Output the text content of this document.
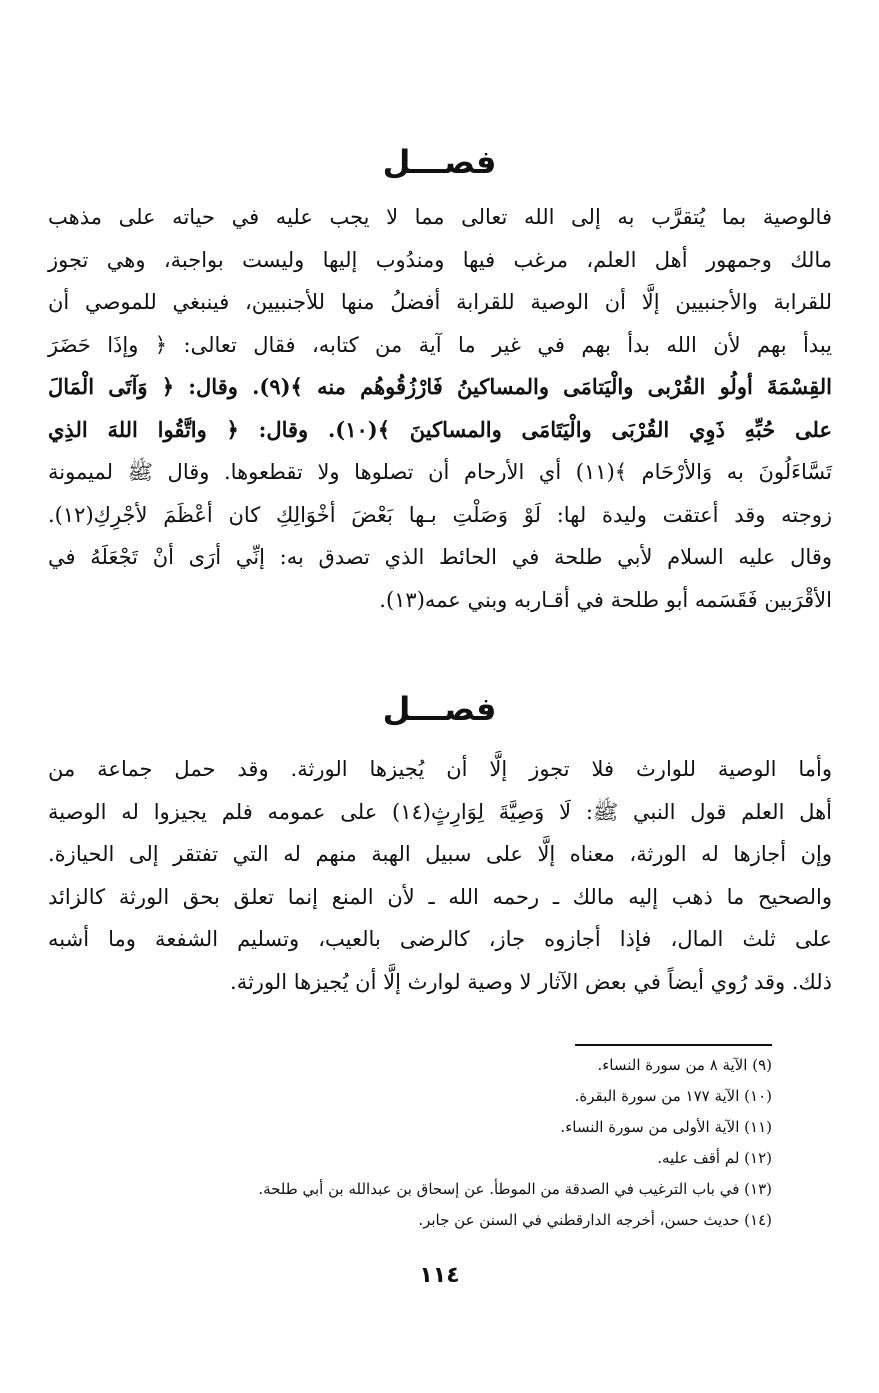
فصـــل
فالوصية بما يُتقرَّب به إلى الله تعالى مما لا يجب عليه في حياته على مذهب
مالك وجمهور أهل العلم، مرغب فيها ومندُوب إليها وليست بواجبة، وهي تجوز
للقرابة والأجنبيين إلَّا أن الوصية للقرابة أفضلُ منها للأجنبيين، فينبغي للموصي أن
يبدأ بهم لأن الله بدأ بهم في غير ما آية من كتابه، فقال تعالى: ﴿ وإذَا حَضَرَ
القِسْمَةَ أولُو القُرْبى والْيَتامَى والمساكينُ فَارْزُقُوهُم منه ﴾(٩). وقال: ﴿ وَآتَى الْمَالَ
على حُبِّهِ ذَوِي القُرْبَى والْيَتَامَى والمساكينَ ﴾(١٠). وقال: ﴿ واتَّقُوا اللهَ الذِي
تَسَّاءَلُونَ به وَالأرْحَام ﴾(١١) أي الأرحام أن تصلوها ولا تقطعوها. وقال ﷺ لميمونة
زوجته وقد أعتقت وليدة لها: لَوْ وَصَلْتِ بـها بَعْضَ أخْوَالِكِ كان أعْظَمَ لأجْرِكِ(١٢).
وقال عليه السلام لأبي طلحة في الحائط الذي تصدق به: إنِّي أرَى أنْ تَجْعَلَهُ في
الأقْرَبين فَقَسَمه أبو طلحة في أقـاربه وبني عمه(١٣).
فصـــل
وأما الوصية للوارث فلا تجوز إلَّا أن يُجيزها الورثة. وقد حمل جماعة من
أهل العلم قول النبي ﷺ: لَا وَصِيَّةَ لِوَارِثٍ(١٤) على عمومه فلم يجيزوا له الوصية
وإن أجازها له الورثة، معناه إلَّا على سبيل الهبة منهم له التي تفتقر إلى الحيازة.
والصحيح ما ذهب إليه مالك ـ رحمه الله ـ لأن المنع إنما تعلق بحق الورثة كالزائد
على ثلث المال، فإذا أجازوه جاز، كالرضى بالعيب، وتسليم الشفعة وما أشبه
ذلك. وقد رُوي أيضاً في بعض الآثار لا وصية لوارث إلَّا أن يُجيزها الورثة.
(٩) الآية ٨ من سورة النساء.
(١٠) الآية ١٧٧ من سورة البقرة.
(١١) الآية الأولى من سورة النساء.
(١٢) لم أقف عليه.
(١٣) في باب الترغيب في الصدقة من الموطأ. عن إسحاق بن عبدالله بن أبي طلحة.
(١٤) حديث حسن، أخرجه الدارقطني في السنن عن جابر.
١١٤
